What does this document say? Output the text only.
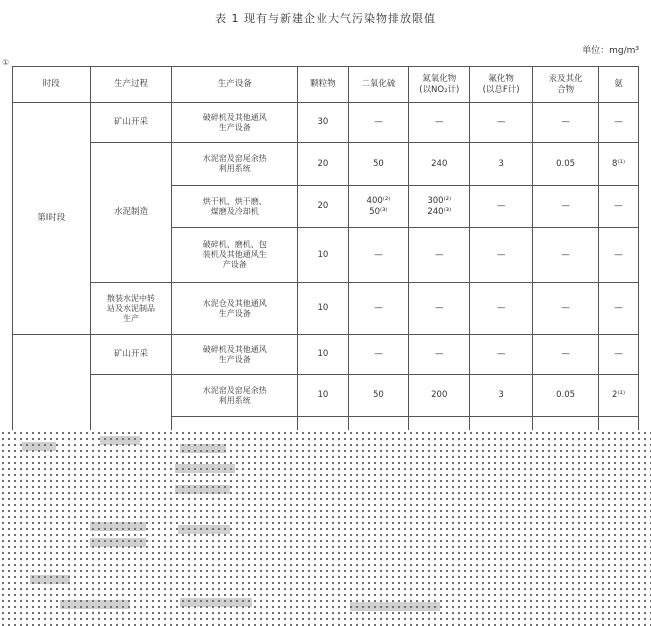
表 1 现有与新建企业大气污染物排放限值
单位：mg/m³
①
时段	生产过程	生产设备	颗粒物	二氧化硫	氮氧化物
(以NO₂计)	氟化物
(以总F计)	汞及其化
合物	氨
第Ⅰ时段	矿山开采	破碎机及其他通风
生产设备	30	—	—	—	—	—
	水泥制造	水泥窑及窑尾余热
利用系统	20	50	240	3	0.05	8⁽¹⁾
		烘干机、烘干磨、
煤磨及冷却机	20	400⁽²⁾
50⁽³⁾	300⁽²⁾
240⁽³⁾	—	—	—
		破碎机、磨机、包
装机及其他通风生
产设备	10	—	—	—	—	—
	散装水泥中转
站及水泥制品
生产	水泥仓及其他通风
生产设备	10	—	—	—	—	—
	矿山开采	破碎机及其他通风
生产设备	10	—	—	—	—	—
		水泥窑及窑尾余热
利用系统	10	50	200	3	0.05	2⁽¹⁾
